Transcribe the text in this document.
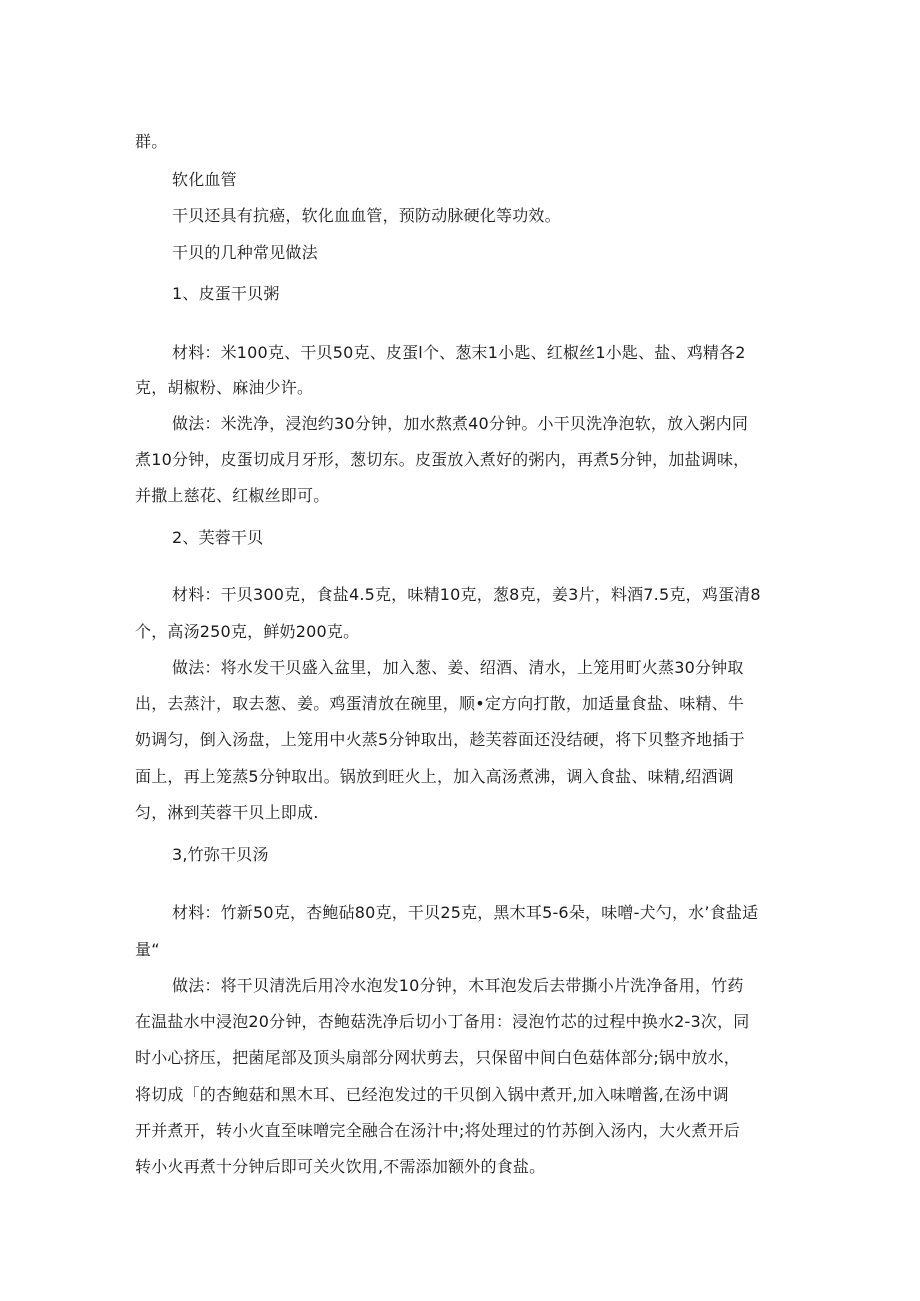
群。
软化血管
干贝还具有抗癌，软化血血管，预防动脉硬化等功效。
干贝的几种常见做法
1、皮蛋干贝粥
材料：米100克、干贝50克、皮蛋l个、葱末1小匙、红椒丝1小匙、盐、鸡精各2
克，胡椒粉、麻油少许。
做法：米洗净，浸泡约30分钟，加水熬煮40分钟。小干贝洗净泡软，放入粥内同
煮10分钟，皮蛋切成月牙形，葱切东。皮蛋放入煮好的粥内，再煮5分钟，加盐调味，
并撒上慈花、红椒丝即可。
2、芙蓉干贝
材料：干贝300克，食盐4.5克，味精10克，葱8克，姜3片，料酒7.5克，鸡蛋清8
个，高汤250克，鲜奶200克。
做法：将水发干贝盛入盆里，加入葱、姜、绍酒、清水，上笼用町火蒸30分钟取
出，去蒸汁，取去葱、姜。鸡蛋清放在碗里，顺•定方向打散，加适量食盐、味精、牛
奶调匀，倒入汤盘，上笼用中火蒸5分钟取出，趁芙蓉面还没结硬，将下贝整齐地插于
面上，再上笼蒸5分钟取出。锅放到旺火上，加入高汤煮沸，调入食盐、味精,绍酒调
匀，淋到芙蓉干贝上即成.
3,竹弥干贝汤
材料：竹新50克，杏鲍砧80克，干贝25克，黑木耳5-6朵，味噌-犬勺，水’食盐适
量“
做法：将干贝清洗后用冷水泡发10分钟，木耳泡发后去带撕小片洗净备用，竹药
在温盐水中浸泡20分钟，杏鲍菇洗净后切小丁备用：浸泡竹芯的过程中换水2-3次，同
时小心挤压，把菌尾部及顶头扇部分网状剪去，只保留中间白色菇体部分;锅中放水，
将切成「的杏鲍菇和黑木耳、已经泡发过的干贝倒入锅中煮开,加入味噌酱,在汤中调
开并煮开，转小火直至味噌完全融合在汤汁中;将处理过的竹苏倒入汤内，大火煮开后
转小火再煮十分钟后即可关火饮用,不需添加额外的食盐。
